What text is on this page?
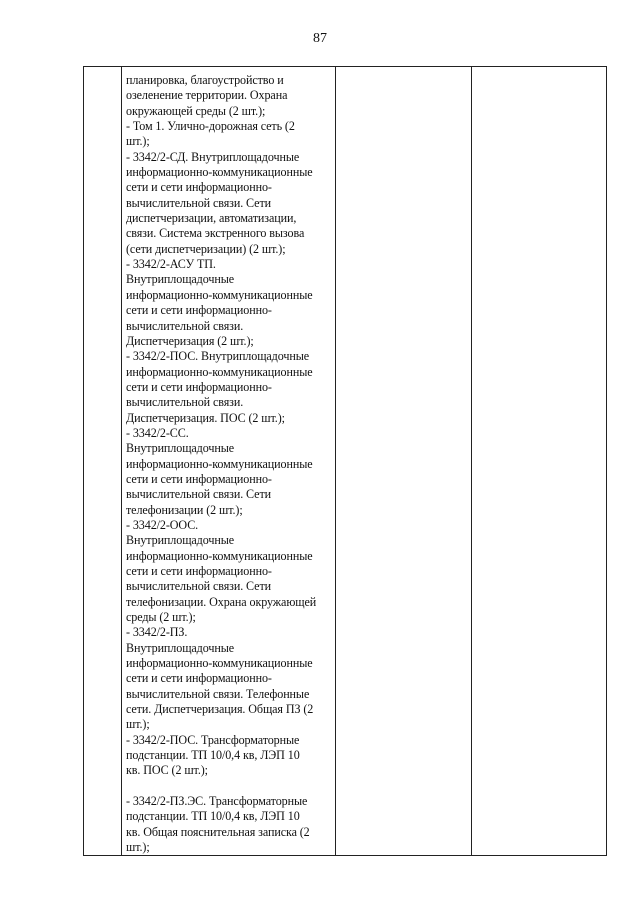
87

планировка, благоустройство и
озеленение территории. Охрана
окружающей среды (2 шт.);
- Том 1. Улично-дорожная сеть (2
шт.);
- 3342/2-СД. Внутриплощадочные
информационно-коммуникационные
сети и сети информационно-
вычислительной связи. Сети
диспетчеризации, автоматизации,
связи. Система экстренного вызова
(сети диспетчеризации) (2 шт.);
- 3342/2-АСУ ТП.
Внутриплощадочные
информационно-коммуникационные
сети и сети информационно-
вычислительной связи.
Диспетчеризация (2 шт.);
- 3342/2-ПОС. Внутриплощадочные
информационно-коммуникационные
сети и сети информационно-
вычислительной связи.
Диспетчеризация. ПОС (2 шт.);
- 3342/2-СС.
Внутриплощадочные
информационно-коммуникационные
сети и сети информационно-
вычислительной связи. Сети
телефонизации (2 шт.);
- 3342/2-ООС.
Внутриплощадочные
информационно-коммуникационные
сети и сети информационно-
вычислительной связи. Сети
телефонизации. Охрана окружающей
среды (2 шт.);
- 3342/2-ПЗ.
Внутриплощадочные
информационно-коммуникационные
сети и сети информационно-
вычислительной связи. Телефонные
сети. Диспетчеризация. Общая ПЗ (2
шт.);
- 3342/2-ПОС. Трансформаторные
подстанции. ТП 10/0,4 кв, ЛЭП 10
кв. ПОС (2 шт.);
- 3342/2-ПЗ.ЭС. Трансформаторные
подстанции. ТП 10/0,4 кв, ЛЭП 10
кв. Общая пояснительная записка (2
шт.);
